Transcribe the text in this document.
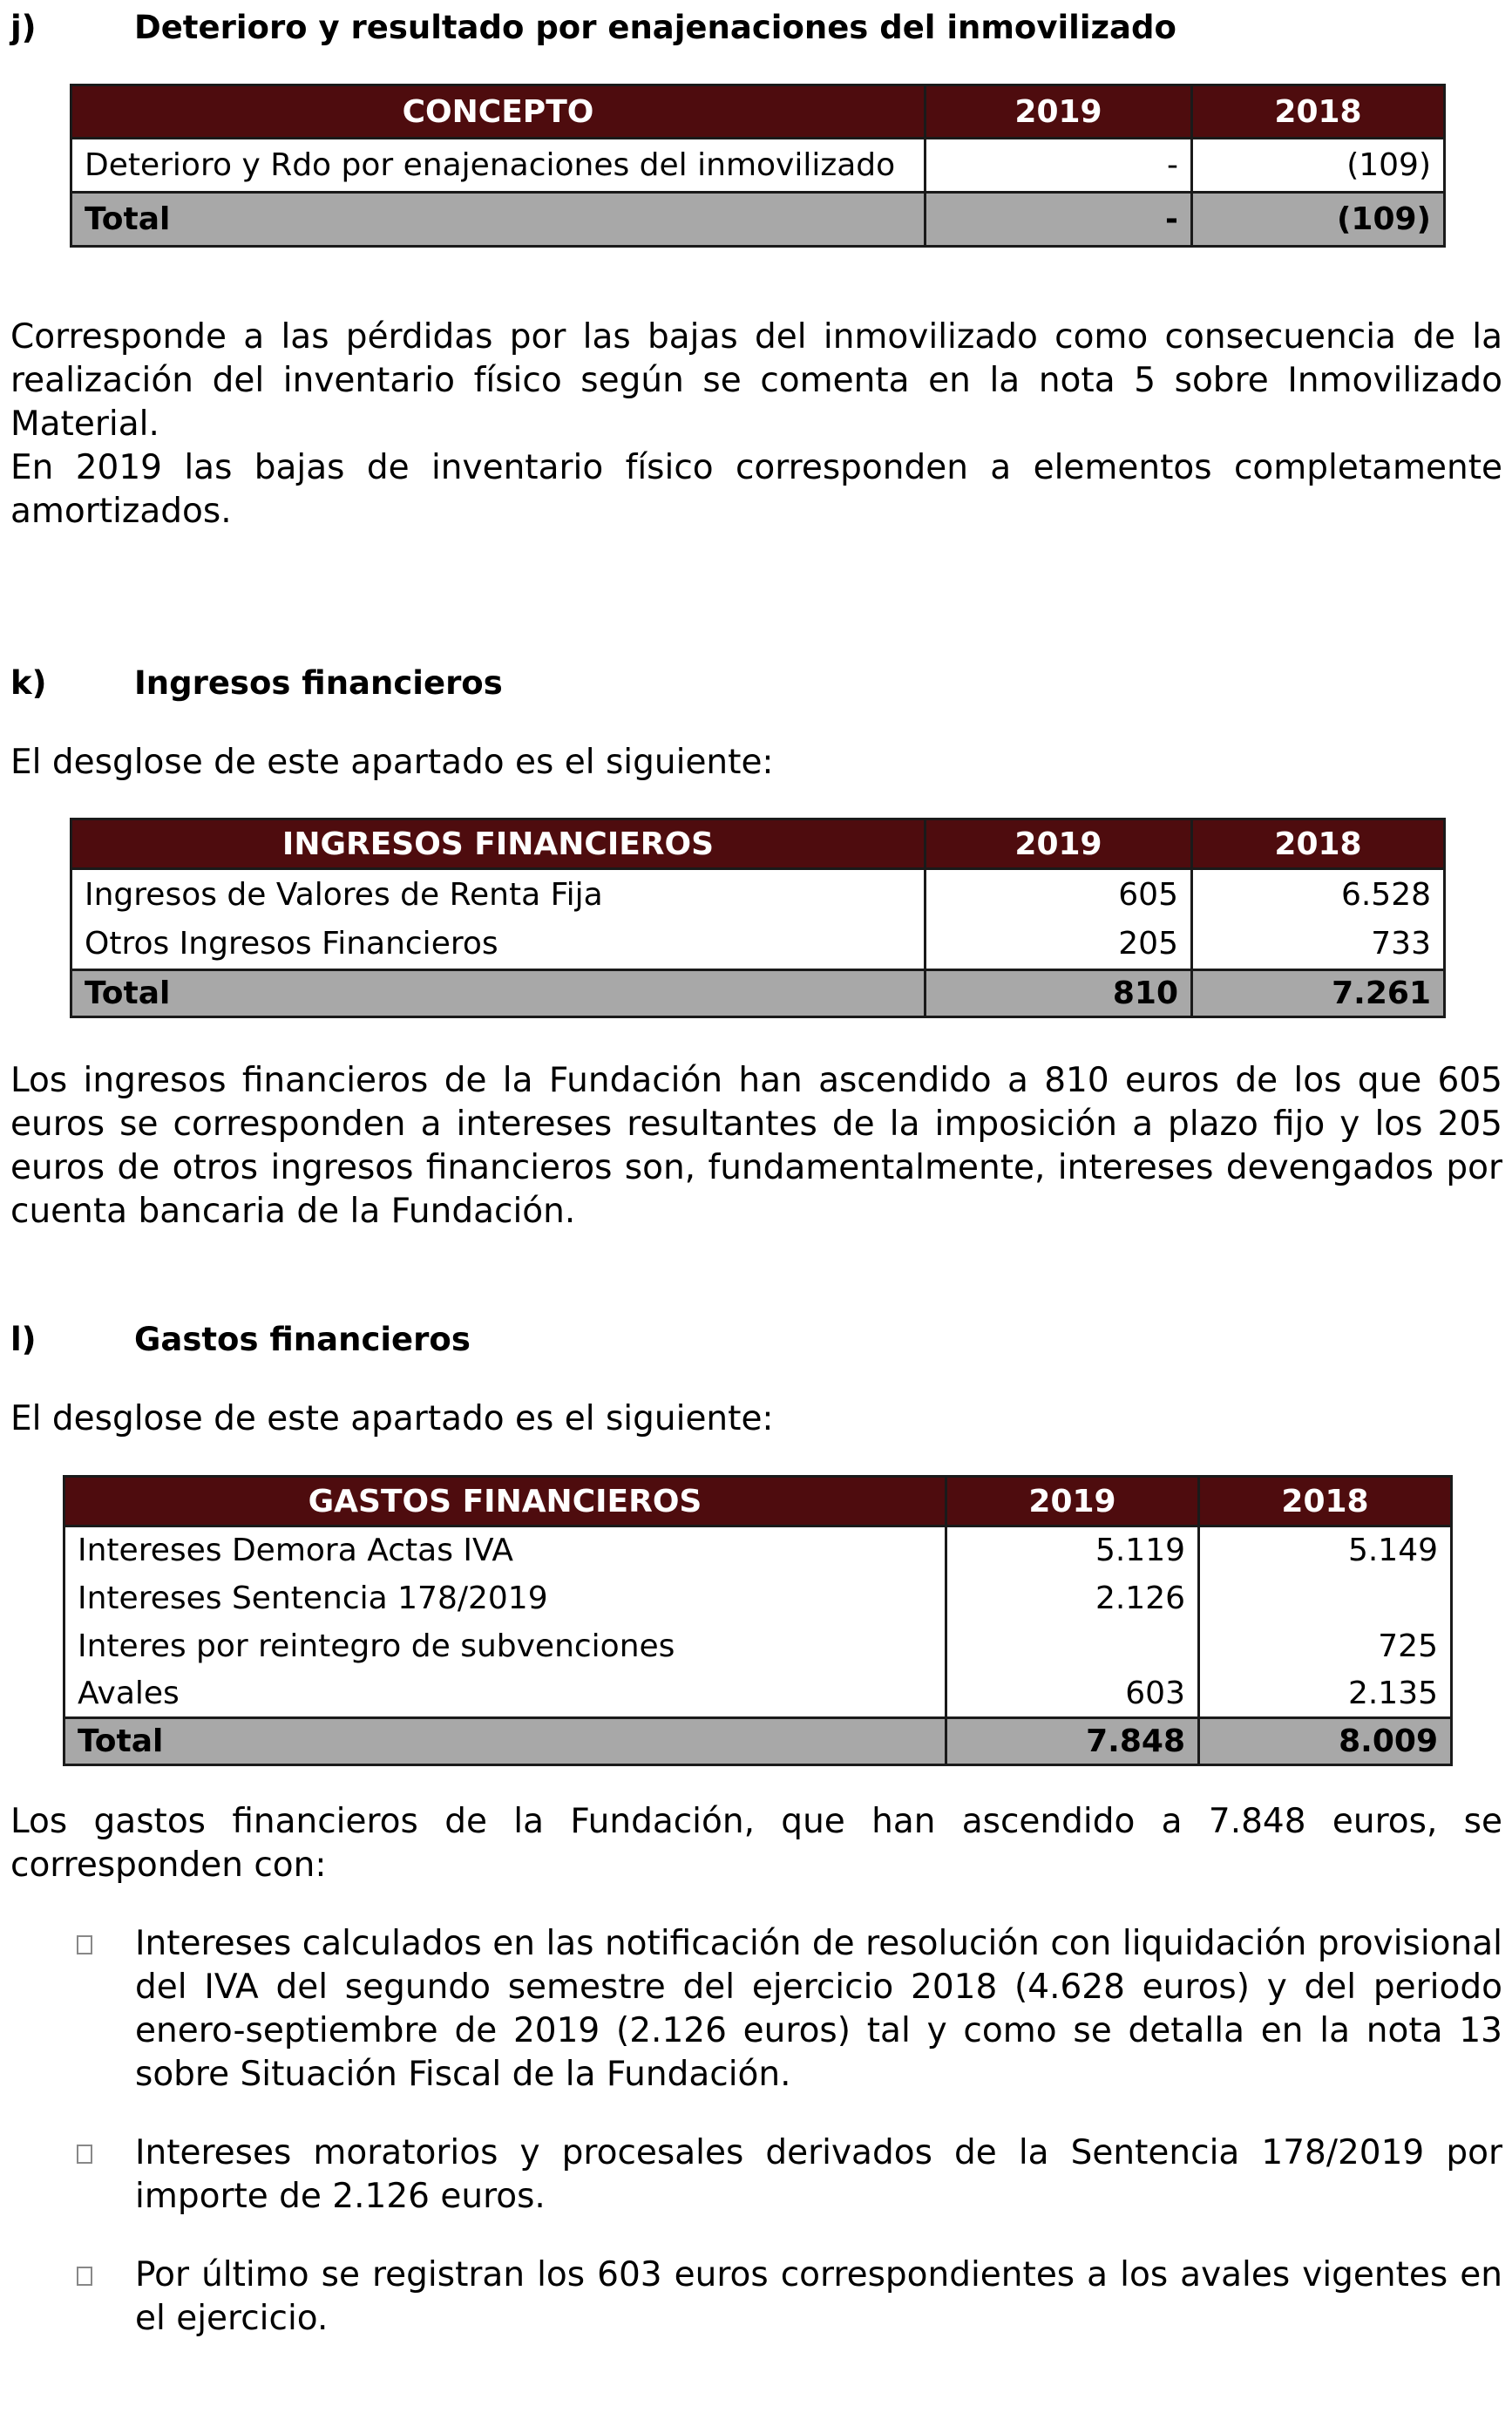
j)	Deterioro y resultado por enajenaciones del inmovilizado
CONCEPTO	2019	2018
Deterioro y Rdo por enajenaciones del inmovilizado	-	(109)
Total	-	(109)

Corresponde a las pérdidas por las bajas del inmovilizado como consecuencia de la realización del inventario físico según se comenta en la nota 5 sobre Inmovilizado Material.

En 2019 las bajas de inventario físico corresponden a elementos completamente amortizados.

k)	Ingresos financieros

El desglose de este apartado es el siguiente:

INGRESOS FINANCIEROS	2019	2018
Ingresos de Valores de Renta Fija	605	6.528
Otros Ingresos Financieros	205	733
Total	810	7.261

Los ingresos financieros de la Fundación han ascendido a 810 euros de los que 605 euros se corresponden a intereses resultantes de la imposición a plazo fijo y los 205 euros de otros ingresos financieros son, fundamentalmente, intereses devengados por cuenta bancaria de la Fundación.

l)	Gastos financieros

El desglose de este apartado es el siguiente:

GASTOS FINANCIEROS	2019	2018
Intereses Demora Actas IVA	5.119	5.149
Intereses Sentencia 178/2019	2.126	
Interes por reintegro de subvenciones		725
Avales	603	2.135
Total	7.848	8.009

Los gastos financieros de la Fundación, que han ascendido a 7.848 euros, se corresponden con:

Intereses calculados en las notificación de resolución con liquidación provisional del IVA del segundo semestre del ejercicio 2018 (4.628 euros) y del periodo enero-septiembre de 2019 (2.126 euros) tal y como se detalla en la nota 13 sobre Situación Fiscal de la Fundación.
Intereses moratorios y procesales derivados de la Sentencia 178/2019 por importe de 2.126 euros.
Por último se registran los 603 euros correspondientes a los avales vigentes en el ejercicio.
